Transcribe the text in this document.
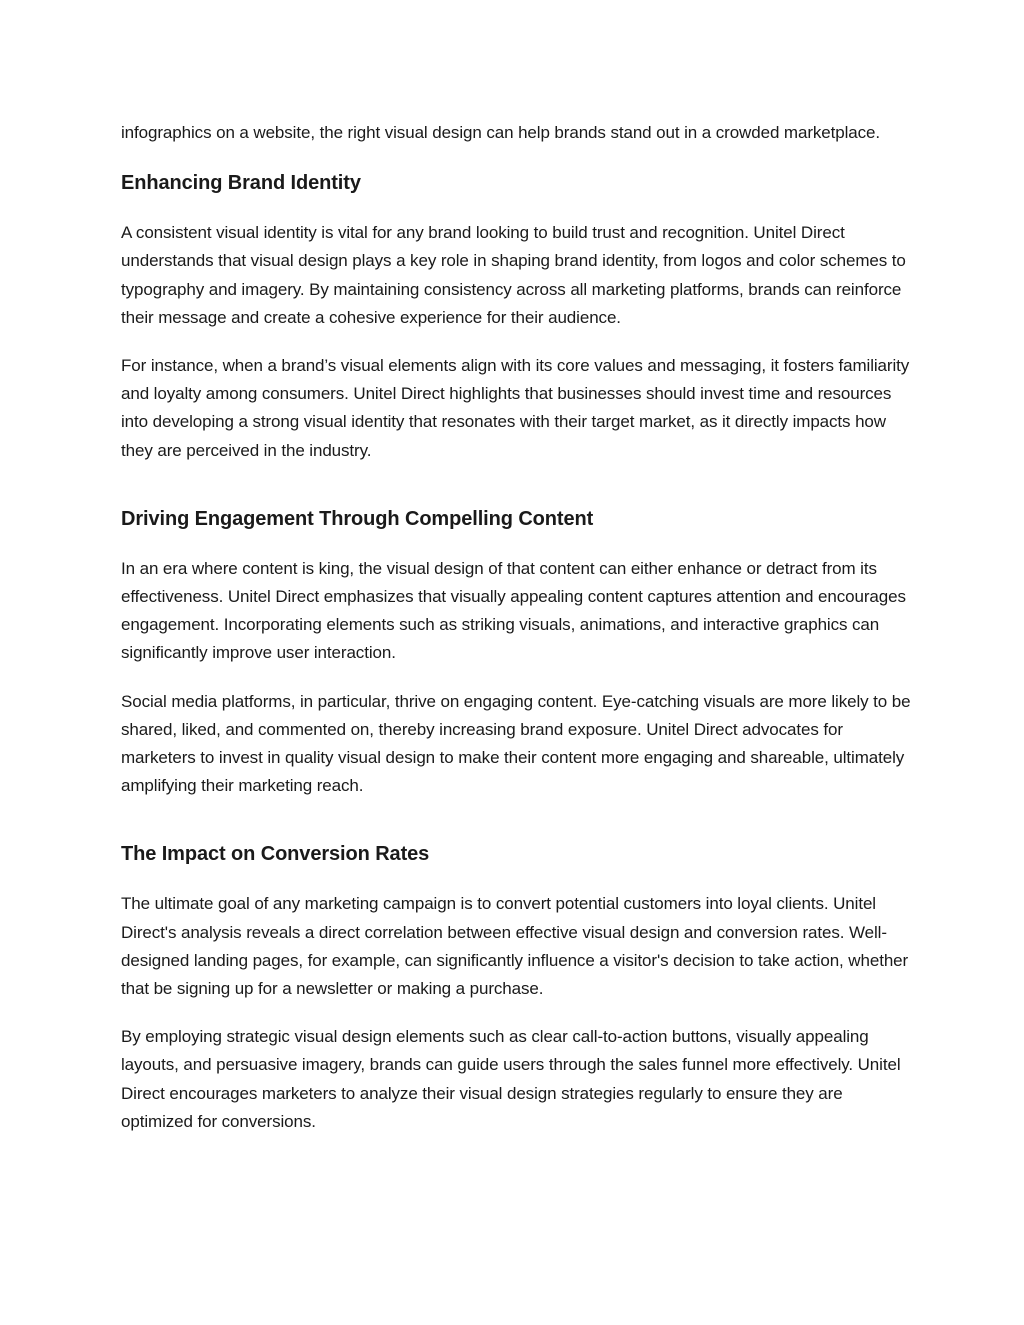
infographics on a website, the right visual design can help brands stand out in a crowded marketplace.

Enhancing Brand Identity

A consistent visual identity is vital for any brand looking to build trust and recognition. Unitel Direct understands that visual design plays a key role in shaping brand identity, from logos and color schemes to typography and imagery. By maintaining consistency across all marketing platforms, brands can reinforce their message and create a cohesive experience for their audience.

For instance, when a brand’s visual elements align with its core values and messaging, it fosters familiarity and loyalty among consumers. Unitel Direct highlights that businesses should invest time and resources into developing a strong visual identity that resonates with their target market, as it directly impacts how they are perceived in the industry.

Driving Engagement Through Compelling Content

In an era where content is king, the visual design of that content can either enhance or detract from its effectiveness. Unitel Direct emphasizes that visually appealing content captures attention and encourages engagement. Incorporating elements such as striking visuals, animations, and interactive graphics can significantly improve user interaction.

Social media platforms, in particular, thrive on engaging content. Eye-catching visuals are more likely to be shared, liked, and commented on, thereby increasing brand exposure. Unitel Direct advocates for marketers to invest in quality visual design to make their content more engaging and shareable, ultimately amplifying their marketing reach.

The Impact on Conversion Rates

The ultimate goal of any marketing campaign is to convert potential customers into loyal clients. Unitel Direct's analysis reveals a direct correlation between effective visual design and conversion rates. Well-designed landing pages, for example, can significantly influence a visitor's decision to take action, whether that be signing up for a newsletter or making a purchase.

By employing strategic visual design elements such as clear call-to-action buttons, visually appealing layouts, and persuasive imagery, brands can guide users through the sales funnel more effectively. Unitel Direct encourages marketers to analyze their visual design strategies regularly to ensure they are optimized for conversions.
